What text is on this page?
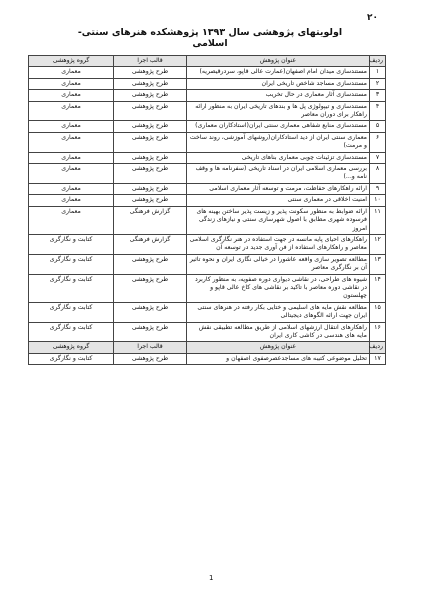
۲۰
اولویتهای پژوهشی سال ۱۳۹۳ پژوهشکده هنرهای سنتی- اسلامی
ردیف	عنوان پژوهش	قالب اجرا	گروه پژوهشی
۱	مستندسازی میدان امام اصفهان(عمارت عالی قاپو، سردرقیصریه)	طرح پژوهشی	معماری
۲	مستندسازی مساجد شاخص تاریخی ایران	طرح پژوهشی	معماری
۳	مستندسازی آثار معماری در حال تخریب	طرح پژوهشی	معماری
۴	مستندسازی و تیپولوژی پل ها و بندهای تاریخی ایران به منظور ارائه راهکار برای دوران معاصر	طرح پژوهشی	معماری
۵	مستندسازی منابع شفاهی معماری سنتی ایران(استادکاران معماری)	طرح پژوهشی	معماری
۶	معماری سنتی ایران از دید استادکاران(روشهای آموزشی، روند ساخت و مرمت)	طرح پژوهشی	معماری
۷	مستندسازی تزئینات چوبی معماری بناهای تاریخی	طرح پژوهشی	معماری
۸	بررسی معماری اسلامی ایران در اسناد تاریخی (سفرنامه ها و وقف نامه و...)	طرح پژوهشی	معماری
۹	ارائه راهکارهای حفاظت، مرمت و توسعه آثار معماری اسلامی	طرح پژوهشی	معماری
۱۰	امنیت اخلاقی در معماری سنتی	طرح پژوهشی	معماری
۱۱	ارائه ضوابط به منظور سکونت پذیر و زیست پذیر ساختن بهینه های فرسوده شهری مطابق با اصول شهرسازی سنتی و نیازهای زندگی امروز	گزارش فرهنگی	معماری
۱۲	راهکارهای احیای پایه مانسه در جهت استفاده در هنر نگارگری اسلامی معاصر و راهکارهای استفاده از فن آوری جدید در توسعه آن	گزارش فرهنگی	کتابت و نگارگری
۱۳	مطالعه تصویر سازی واقعه عاشورا در خیالی نگاری ایران و نحوه تاثیر آن بر نگارگری معاصر	طرح پژوهشی	کتابت و نگارگری
۱۴	شیوه های طراحی، در نقاشی دیواری دوره صفویه، به منظور کاربرد در نقاشی دوره معاصر با تاکید بر نقاشی های کاخ عالی قاپو و چهلستون	طرح پژوهشی	کتابت و نگارگری
۱۵	مطالعه نقش مایه های اسلیمی و ختایی بکار رفته در هنرهای سنتی ایران جهت ارائه الگوهای دیجیتالی	طرح پژوهشی	کتابت و نگارگری
۱۶	راهکارهای انتقال ارزشهای اسلامی از طریق مطالعه تطبیقی نقش مایه های هندسی در کاشی کاری ایران	طرح پژوهشی	کتابت و نگارگری
ردیف	عنوان پژوهش	قالب اجرا	گروه پژوهشی
۱۷	تحلیل موضوعی کتیبه های مساجدعصرصفوی اصفهان و	طرح پژوهشی	کتابت و نگارگری
1
